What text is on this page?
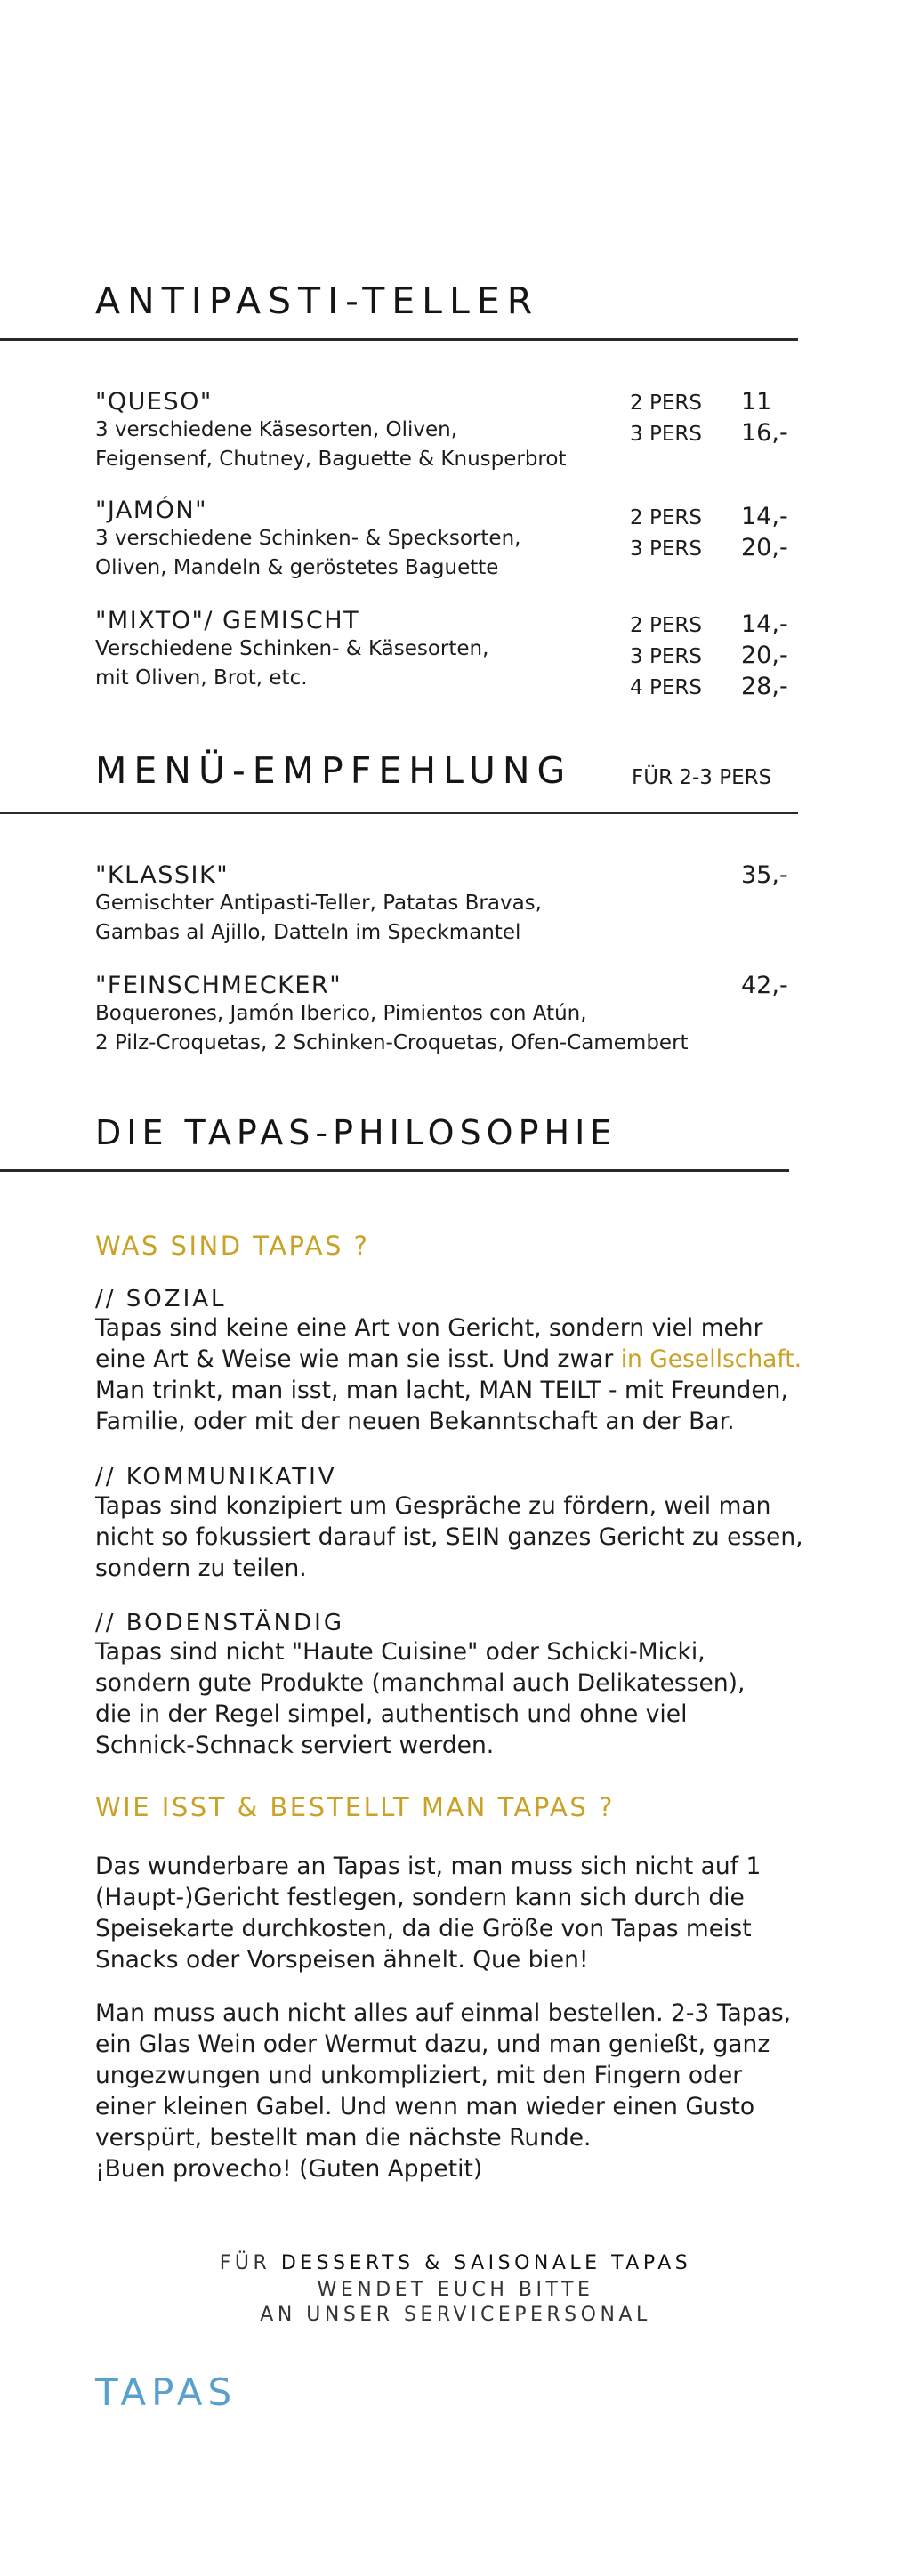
ANTIPASTI-TELLER
"QUESO"
3 verschiedene Käsesorten, Oliven,
Feigensenf, Chutney, Baguette & Knusperbrot
2 PERS
3 PERS
11
16,-
"JAMÓN"
3 verschiedene Schinken- & Specksorten,
Oliven, Mandeln & geröstetes Baguette
2 PERS
3 PERS
14,-
20,-
"MIXTO"/ GEMISCHT
Verschiedene Schinken- & Käsesorten,
mit Oliven, Brot, etc.
2 PERS
3 PERS
4 PERS
14,-
20,-
28,-
MENÜ-EMPFEHLUNG	FÜR 2-3 PERS
"KLASSIK"
Gemischter Antipasti-Teller, Patatas Bravas,
Gambas al Ajillo, Datteln im Speckmantel
35,-
"FEINSCHMECKER"
Boquerones, Jamón Iberico, Pimientos con Atún,
2 Pilz-Croquetas, 2 Schinken-Croquetas, Ofen-Camembert
42,-
DIE TAPAS-PHILOSOPHIE
WAS SIND TAPAS ?
// SOZIAL
Tapas sind keine eine Art von Gericht, sondern viel mehr
eine Art & Weise wie man sie isst. Und zwar in Gesellschaft.
Man trinkt, man isst, man lacht, MAN TEILT - mit Freunden,
Familie, oder mit der neuen Bekanntschaft an der Bar.
// KOMMUNIKATIV
Tapas sind konzipiert um Gespräche zu fördern, weil man
nicht so fokussiert darauf ist, SEIN ganzes Gericht zu essen,
sondern zu teilen.
// BODENSTÄNDIG
Tapas sind nicht "Haute Cuisine" oder Schicki-Micki,
sondern gute Produkte (manchmal auch Delikatessen),
die in der Regel simpel, authentisch und ohne viel
Schnick-Schnack serviert werden.
WIE ISST & BESTELLT MAN TAPAS ?
Das wunderbare an Tapas ist, man muss sich nicht auf 1
(Haupt-)Gericht festlegen, sondern kann sich durch die
Speisekarte durchkosten, da die Größe von Tapas meist
Snacks oder Vorspeisen ähnelt. Que bien!
Man muss auch nicht alles auf einmal bestellen. 2-3 Tapas,
ein Glas Wein oder Wermut dazu, und man genießt, ganz
ungezwungen und unkompliziert, mit den Fingern oder
einer kleinen Gabel. Und wenn man wieder einen Gusto
verspürt, bestellt man die nächste Runde.
¡Buen provecho! (Guten Appetit)
FÜR DESSERTS & SAISONALE TAPAS
WENDET EUCH BITTE
AN UNSER SERVICEPERSONAL
TAPAS
